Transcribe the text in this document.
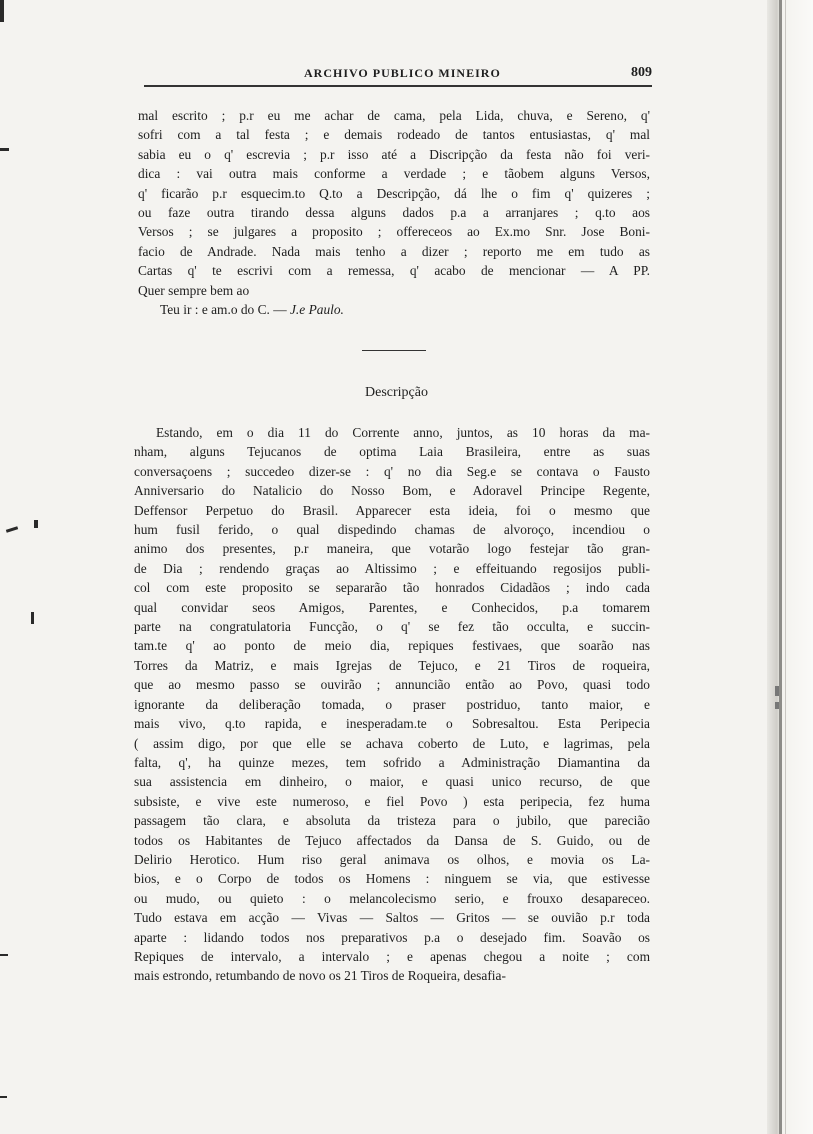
ARCHIVO PUBLICO MINEIRO	809
mal escrito ; p.r eu me achar de cama, pela Lida, chuva, e Sereno, q'
sofri com a tal festa ; e demais rodeado de tantos entusiastas, q' mal
sabia eu o q' escrevia ; p.r isso até a Discripção da festa não foi veri-
dica : vai outra mais conforme a verdade ; e tãobem alguns Versos,
q' ficarão p.r esquecim.to Q.to a Descripção, dá lhe o fim q' quizeres ;
ou faze outra tirando dessa alguns dados p.a a arranjares ; q.to aos
Versos ; se julgares a proposito ; offereceos ao Ex.mo Snr. Jose Boni-
facio de Andrade. Nada mais tenho a dizer ; reporto me em tudo as
Cartas q' te escrivi com a remessa, q' acabo de mencionar — A PP.
Quer sempre bem ao
Teu ir : e am.o do C. — J.e Paulo.
Descripção
Estando, em o dia 11 do Corrente anno, juntos, as 10 horas da ma-
nham, alguns Tejucanos de optima Laia Brasileira, entre as suas
conversaçoens ; succedeo dizer-se : q' no dia Seg.e se contava o Fausto
Anniversario do Natalicio do Nosso Bom, e Adoravel Principe Regente,
Deffensor Perpetuo do Brasil. Apparecer esta ideia, foi o mesmo que
hum fusil ferido, o qual dispedindo chamas de alvoroço, incendiou o
animo dos presentes, p.r maneira, que votarão logo festejar tão gran-
de Dia ; rendendo graças ao Altissimo ; e effeituando regosijos publi-
col com este proposito se separarão tão honrados Cidadãos ; indo cada
qual convidar seos Amigos, Parentes, e Conhecidos, p.a tomarem
parte na congratulatoria Funcção, o q' se fez tão occulta, e succin-
tam.te q' ao ponto de meio dia, repiques festivaes, que soarão nas
Torres da Matriz, e mais Igrejas de Tejuco, e 21 Tiros de roqueira,
que ao mesmo passo se ouvirão ; annuncião então ao Povo, quasi todo
ignorante da deliberação tomada, o praser postriduo, tanto maior, e
mais vivo, q.to rapida, e inesperadam.te o Sobresaltou. Esta Peripecia
( assim digo, por que elle se achava coberto de Luto, e lagrimas, pela
falta, q', ha quinze mezes, tem sofrido a Administração Diamantina da
sua assistencia em dinheiro, o maior, e quasi unico recurso, de que
subsiste, e vive este numeroso, e fiel Povo ) esta peripecia, fez huma
passagem tão clara, e absoluta da tristeza para o jubilo, que parecião
todos os Habitantes de Tejuco affectados da Dansa de S. Guido, ou de
Delirio Herotico. Hum riso geral animava os olhos, e movia os La-
bios, e o Corpo de todos os Homens : ninguem se via, que estivesse
ou mudo, ou quieto : o melancolecismo serio, e frouxo desapareceo.
Tudo estava em acção — Vivas — Saltos — Gritos — se ouvião p.r toda
aparte : lidando todos nos preparativos p.a o desejado fim. Soavão os
Repiques de intervalo, a intervalo ; e apenas chegou a noite ; com
mais estrondo, retumbando de novo os 21 Tiros de Roqueira, desafia-
